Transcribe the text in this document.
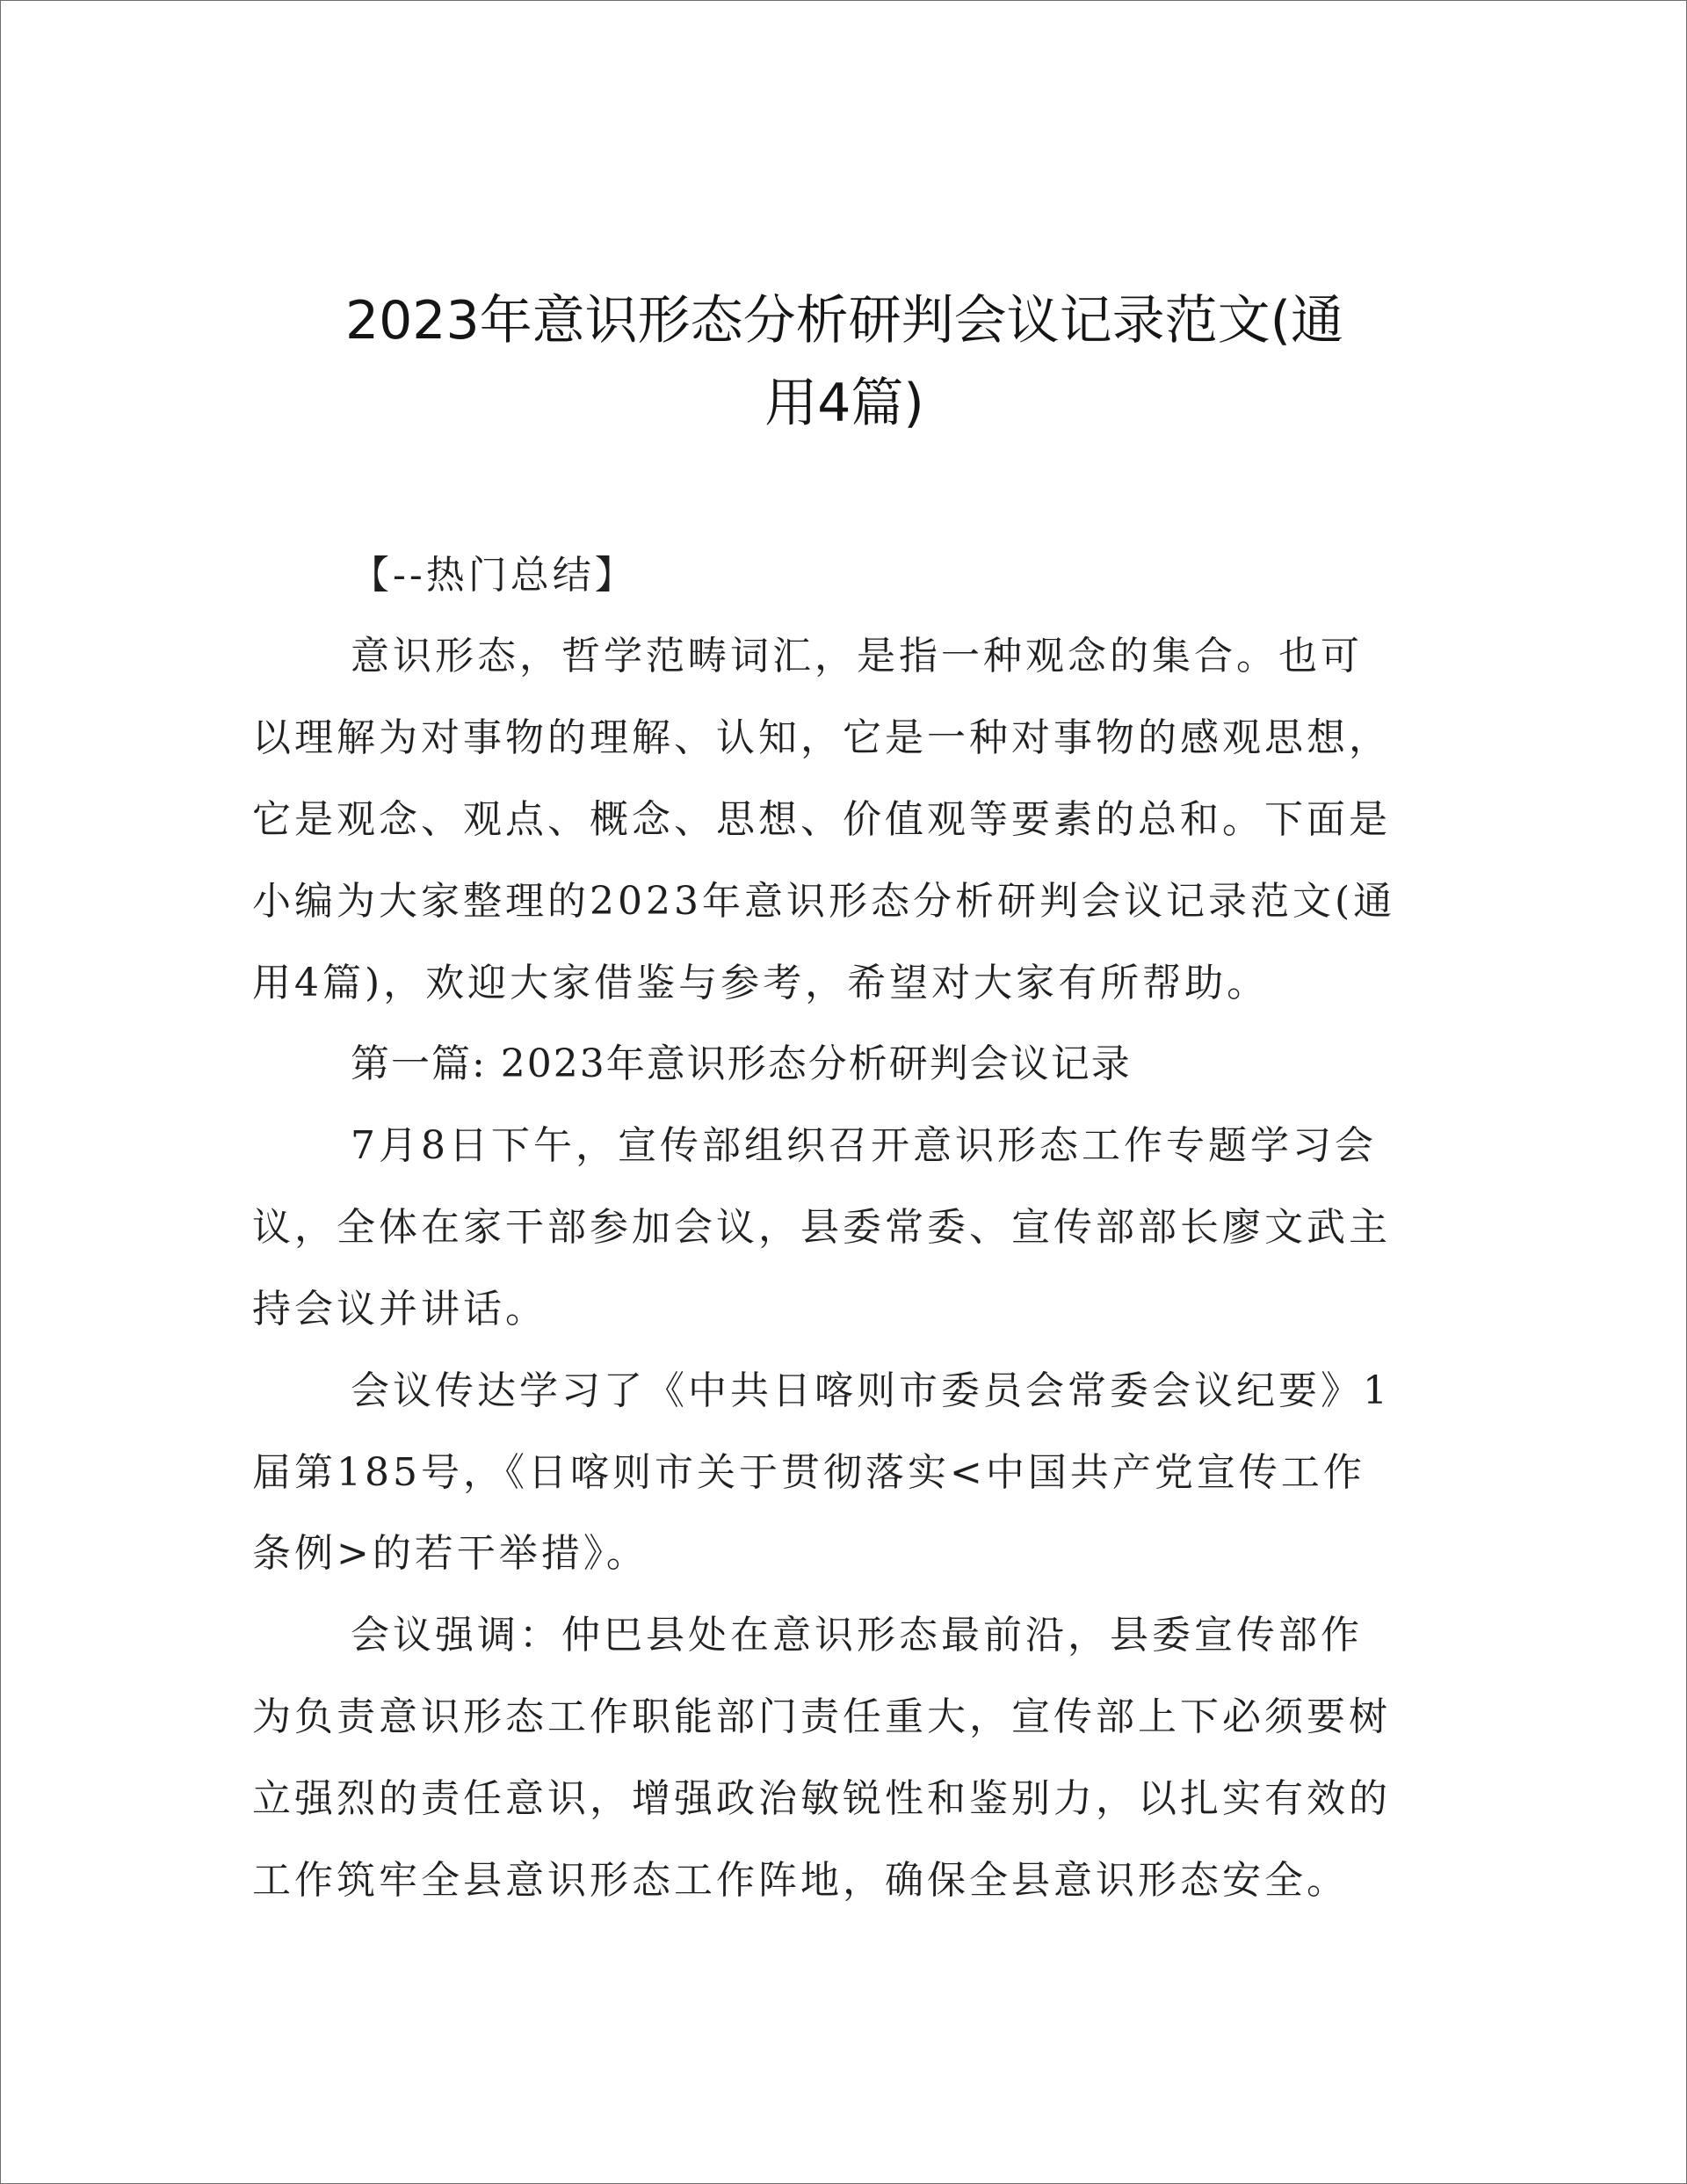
2023年意识形态分析研判会议记录范文(通
用4篇)
【--热门总结】
意识形态，哲学范畴词汇，是指一种观念的集合。也可
以理解为对事物的理解、认知，它是一种对事物的感观思想，
它是观念、观点、概念、思想、价值观等要素的总和。下面是
小编为大家整理的2023年意识形态分析研判会议记录范文(通
用4篇)，欢迎大家借鉴与参考，希望对大家有所帮助。
第一篇: 2023年意识形态分析研判会议记录
7月8日下午，宣传部组织召开意识形态工作专题学习会
议，全体在家干部参加会议，县委常委、宣传部部长廖文武主
持会议并讲话。
会议传达学习了《中共日喀则市委员会常委会议纪要》1
届第185号，《日喀则市关于贯彻落实<中国共产党宣传工作
条例>的若干举措》。
会议强调：仲巴县处在意识形态最前沿，县委宣传部作
为负责意识形态工作职能部门责任重大，宣传部上下必须要树
立强烈的责任意识，增强政治敏锐性和鉴别力，以扎实有效的
工作筑牢全县意识形态工作阵地，确保全县意识形态安全。
